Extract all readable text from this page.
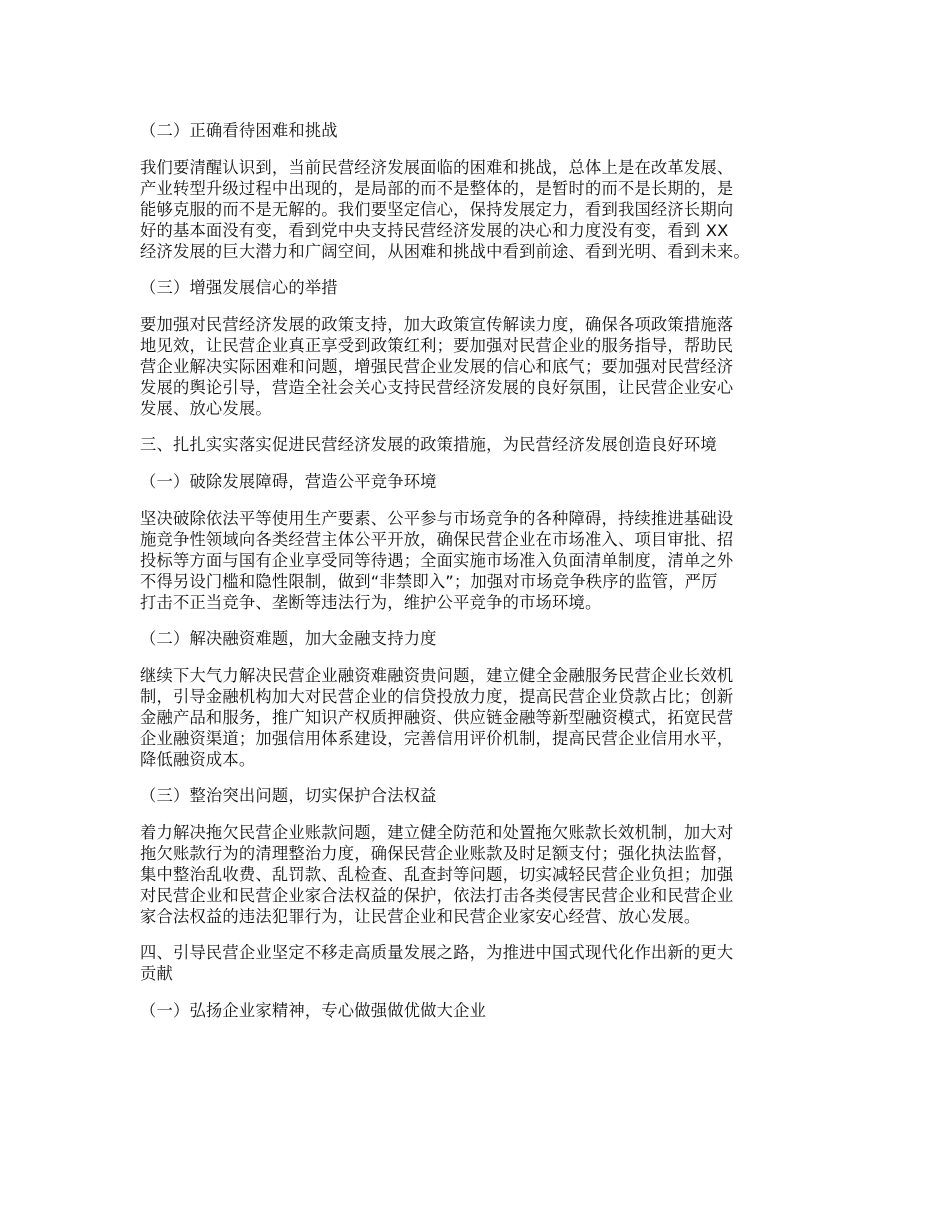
（二）正确看待困难和挑战

我们要清醒认识到，当前民营经济发展面临的困难和挑战，总体上是在改革发展、
产业转型升级过程中出现的，是局部的而不是整体的，是暂时的而不是长期的，是
能够克服的而不是无解的。我们要坚定信心，保持发展定力，看到我国经济长期向
好的基本面没有变，看到党中央支持民营经济发展的决心和力度没有变，看到 XX
经济发展的巨大潜力和广阔空间，从困难和挑战中看到前途、看到光明、看到未来。

（三）增强发展信心的举措

要加强对民营经济发展的政策支持，加大政策宣传解读力度，确保各项政策措施落
地见效，让民营企业真正享受到政策红利；要加强对民营企业的服务指导，帮助民
营企业解决实际困难和问题，增强民营企业发展的信心和底气；要加强对民营经济
发展的舆论引导，营造全社会关心支持民营经济发展的良好氛围，让民营企业安心
发展、放心发展。

三、扎扎实实落实促进民营经济发展的政策措施，为民营经济发展创造良好环境

（一）破除发展障碍，营造公平竞争环境

坚决破除依法平等使用生产要素、公平参与市场竞争的各种障碍，持续推进基础设
施竞争性领域向各类经营主体公平开放，确保民营企业在市场准入、项目审批、招
投标等方面与国有企业享受同等待遇；全面实施市场准入负面清单制度，清单之外
不得另设门槛和隐性限制，做到“非禁即入”；加强对市场竞争秩序的监管，严厉
打击不正当竞争、垄断等违法行为，维护公平竞争的市场环境。

（二）解决融资难题，加大金融支持力度

继续下大气力解决民营企业融资难融资贵问题，建立健全金融服务民营企业长效机
制，引导金融机构加大对民营企业的信贷投放力度，提高民营企业贷款占比；创新
金融产品和服务，推广知识产权质押融资、供应链金融等新型融资模式，拓宽民营
企业融资渠道；加强信用体系建设，完善信用评价机制，提高民营企业信用水平，
降低融资成本。

（三）整治突出问题，切实保护合法权益

着力解决拖欠民营企业账款问题，建立健全防范和处置拖欠账款长效机制，加大对
拖欠账款行为的清理整治力度，确保民营企业账款及时足额支付；强化执法监督，
集中整治乱收费、乱罚款、乱检查、乱查封等问题，切实减轻民营企业负担；加强
对民营企业和民营企业家合法权益的保护，依法打击各类侵害民营企业和民营企业
家合法权益的违法犯罪行为，让民营企业和民营企业家安心经营、放心发展。

四、引导民营企业坚定不移走高质量发展之路，为推进中国式现代化作出新的更大
贡献

（一）弘扬企业家精神，专心做强做优做大企业
